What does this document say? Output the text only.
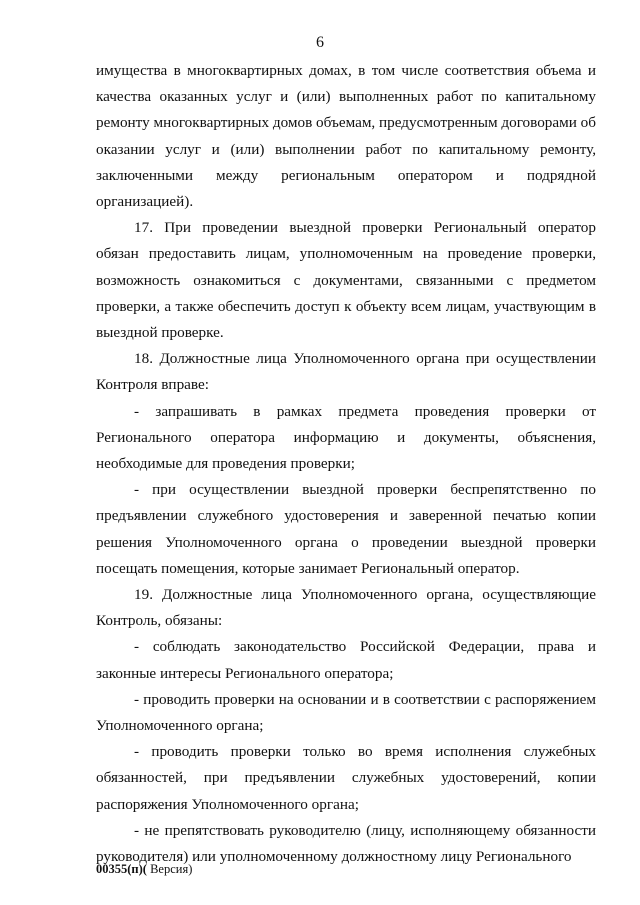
6

имущества в многоквартирных домах, в том числе соответствия объема и качества оказанных услуг и (или) выполненных работ по капитальному ремонту многоквартирных домов объемам, предусмотренным договорами об оказании услуг и (или) выполнении работ по капитальному ремонту, заключенными между региональным оператором и подрядной организацией).

17. При проведении выездной проверки Региональный оператор обязан предоставить лицам, уполномоченным на проведение проверки, возможность ознакомиться с документами, связанными с предметом проверки, а также обеспечить доступ к объекту всем лицам, участвующим в выездной проверке.

18. Должностные лица Уполномоченного органа при осуществлении Контроля вправе:

- запрашивать в рамках предмета проведения проверки от Регионального оператора информацию и документы, объяснения, необходимые для проведения проверки;

- при осуществлении выездной проверки беспрепятственно по предъявлении служебного удостоверения и заверенной печатью копии решения Уполномоченного органа о проведении выездной проверки посещать помещения, которые занимает Региональный оператор.

19. Должностные лица Уполномоченного органа, осуществляющие Контроль, обязаны:

- соблюдать законодательство Российской Федерации, права и законные интересы Регионального оператора;

- проводить проверки на основании и в соответствии с распоряжением Уполномоченного органа;

- проводить проверки только во время исполнения служебных обязанностей, при предъявлении служебных удостоверений, копии распоряжения Уполномоченного органа;

- не препятствовать руководителю (лицу, исполняющему обязанности руководителя) или уполномоченному должностному лицу Регионального

00355(п)( Версия)
